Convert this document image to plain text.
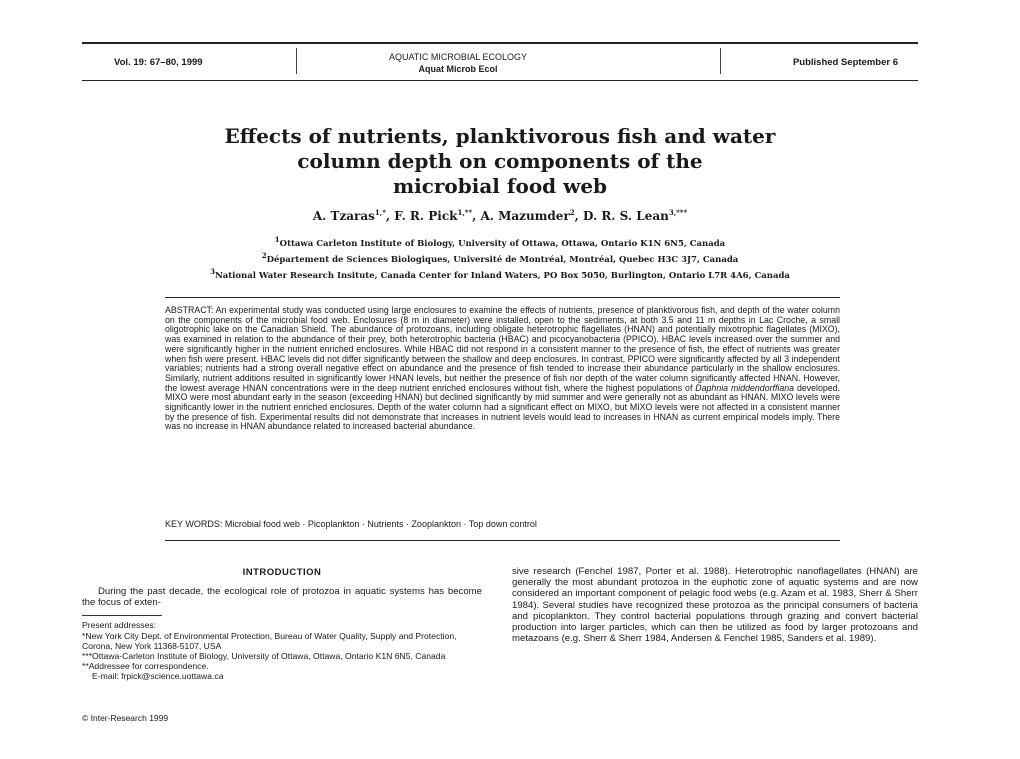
Vol. 19: 67–80, 1999	AQUATIC MICROBIAL ECOLOGY
Aquat Microb Ecol
Published September 6
Effects of nutrients, planktivorous fish and water
column depth on components of the
microbial food web
A. Tzaras$^{1,*}$, F. R. Pick$^{1,**}$, A. Mazumder$^2$, D. R. S. Lean$^{3,***}$
$^1$Ottawa Carleton Institute of Biology, University of Ottawa, Ottawa, Ontario K1N 6N5, Canada
$^2$Département de Sciences Biologiques, Université de Montréal, Montréal, Quebec H3C 3J7, Canada
$^3$National Water Research Insitute, Canada Center for Inland Waters, PO Box 5050, Burlington, Ontario L7R 4A6, Canada
ABSTRACT: An experimental study was conducted using large enclosures to examine the effects of nutrients, presence of planktivorous fish, and depth of the water column on the components of the microbial food web. Enclosures (8 m in diameter) were installed, open to the sediments, at both 3.5 and 11 m depths in Lac Croche, a small oligotrophic lake on the Canadian Shield. The abundance of protozoans, including obligate heterotrophic flagellates (HNAN) and potentially mixotrophic flagellates (MIXO), was examined in relation to the abundance of their prey, both heterotrophic bacteria (HBAC) and picocyanobacteria (PPICO). HBAC levels increased over the summer and were significantly higher in the nutrient enriched enclosures. While HBAC did not respond in a consistent manner to the presence of fish, the effect of nutrients was greater when fish were present. HBAC levels did not differ significantly between the shallow and deep enclosures. In contrast, PPICO were significantly affected by all 3 independent variables; nutrients had a strong overall negative effect on abundance and the presence of fish tended to increase their abundance particularly in the shallow enclosures. Similarly, nutrient additions resulted in significantly lower HNAN levels, but neither the presence of fish nor depth of the water column significantly affected HNAN. However, the lowest average HNAN concentrations were in the deep nutrient enriched enclosures without fish, where the highest populations of Daphnia middendorffiana developed. MIXO were most abundant early in the season (exceeding HNAN) but declined significantly by mid summer and were generally not as abundant as HNAN. MIXO levels were significantly lower in the nutrient enriched enclosures. Depth of the water column had a significant effect on MIXO, but MIXO levels were not affected in a consistent manner by the presence of fish. Experimental results did not demonstrate that increases in nutrient levels would lead to increases in HNAN as current empirical models imply. There was no increase in HNAN abundance related to increased bacterial abundance.
KEY WORDS: Microbial food web · Picoplankton · Nutrients · Zooplankton · Top down control
INTRODUCTION

During the past decade, the ecological role of protozoa in aquatic systems has become the focus of exten-

Present addresses:
*New York City Dept. of Environmental Protection, Bureau of Water Quality, Supply and Protection, Corona, New York 11368-5107, USA
***Ottawa-Carleton Institute of Biology, University of Ottawa, Ottawa, Ontario K1N 6N5, Canada
**Addressee for correspondence.
E-mail: frpick@science.uottawa.ca

sive research (Fenchel 1987, Porter et al. 1988). Heterotrophic nanoflagellates (HNAN) are generally the most abundant protozoa in the euphotic zone of aquatic systems and are now considered an important component of pelagic food webs (e.g. Azam et al. 1983, Sherr & Sherr 1984). Several studies have recognized these protozoa as the principal consumers of bacteria and picoplankton. They control bacterial populations through grazing and convert bacterial production into larger particles, which can then be utilized as food by larger protozoans and metazoans (e.g. Sherr & Sherr 1984, Andersen & Fenchel 1985, Sanders et al. 1989).

© Inter-Research 1999
